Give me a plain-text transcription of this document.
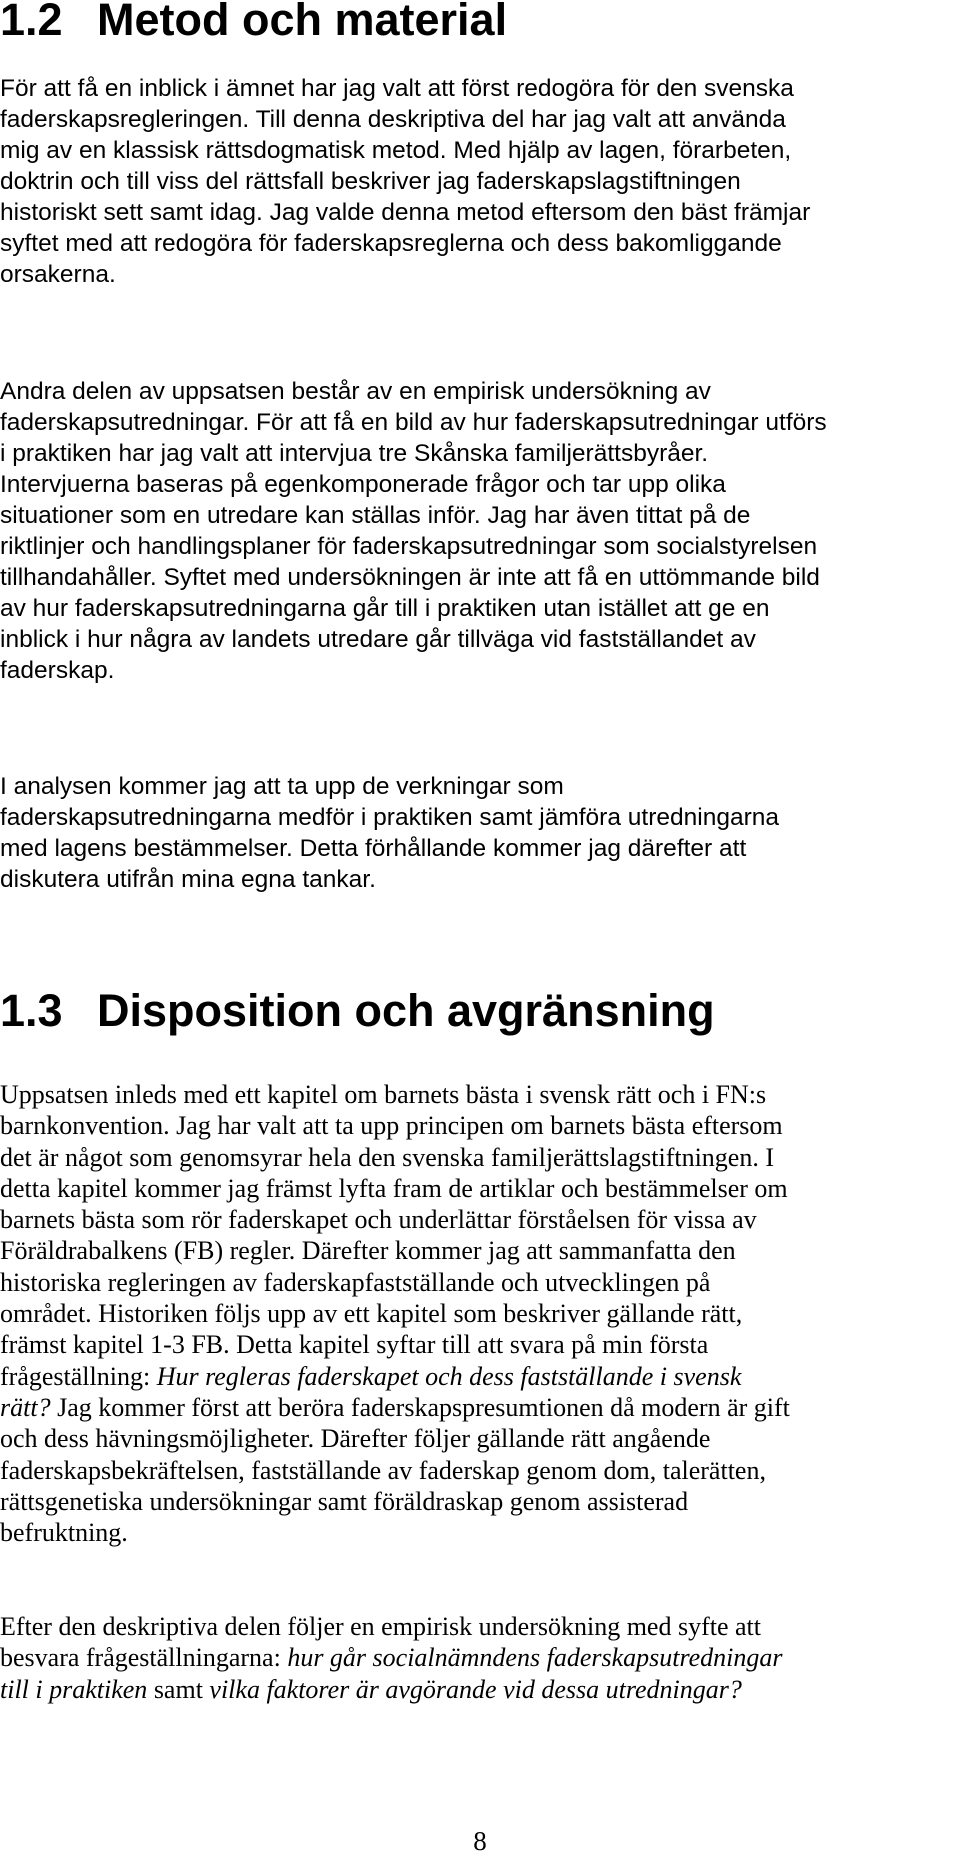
1.2 Metod och material

För att få en inblick i ämnet har jag valt att först redogöra för den svenska
faderskapsregleringen. Till denna deskriptiva del har jag valt att använda
mig av en klassisk rättsdogmatisk metod. Med hjälp av lagen, förarbeten,
doktrin och till viss del rättsfall beskriver jag faderskapslagstiftningen
historiskt sett samt idag. Jag valde denna metod eftersom den bäst främjar
syftet med att redogöra för faderskapsreglerna och dess bakomliggande
orsakerna.

Andra delen av uppsatsen består av en empirisk undersökning av
faderskapsutredningar. För att få en bild av hur faderskapsutredningar utförs
i praktiken har jag valt att intervjua tre Skånska familjerättsbyråer.
Intervjuerna baseras på egenkomponerade frågor och tar upp olika
situationer som en utredare kan ställas inför. Jag har även tittat på de
riktlinjer och handlingsplaner för faderskapsutredningar som socialstyrelsen
tillhandahåller. Syftet med undersökningen är inte att få en uttömmande bild
av hur faderskapsutredningarna går till i praktiken utan istället att ge en
inblick i hur några av landets utredare går tillväga vid fastställandet av
faderskap.

I analysen kommer jag att ta upp de verkningar som
faderskapsutredningarna medför i praktiken samt jämföra utredningarna
med lagens bestämmelser. Detta förhållande kommer jag därefter att
diskutera utifrån mina egna tankar.

1.3 Disposition och avgränsning

Uppsatsen inleds med ett kapitel om barnets bästa i svensk rätt och i FN:s
barnkonvention. Jag har valt att ta upp principen om barnets bästa eftersom
det är något som genomsyrar hela den svenska familjerättslagstiftningen. I
detta kapitel kommer jag främst lyfta fram de artiklar och bestämmelser om
barnets bästa som rör faderskapet och underlättar förståelsen för vissa av
Föräldrabalkens (FB) regler. Därefter kommer jag att sammanfatta den
historiska regleringen av faderskapfastställande och utvecklingen på
området. Historiken följs upp av ett kapitel som beskriver gällande rätt,
främst kapitel 1-3 FB. Detta kapitel syftar till att svara på min första
frågeställning: Hur regleras faderskapet och dess fastställande i svensk
rätt? Jag kommer först att beröra faderskapspresumtionen då modern är gift
och dess hävningsmöjligheter. Därefter följer gällande rätt angående
faderskapsbekräftelsen, fastställande av faderskap genom dom, talerätten,
rättsgenetiska undersökningar samt föräldraskap genom assisterad
befruktning.

Efter den deskriptiva delen följer en empirisk undersökning med syfte att
besvara frågeställningarna: hur går socialnämndens faderskapsutredningar
till i praktiken samt vilka faktorer är avgörande vid dessa utredningar?

8
